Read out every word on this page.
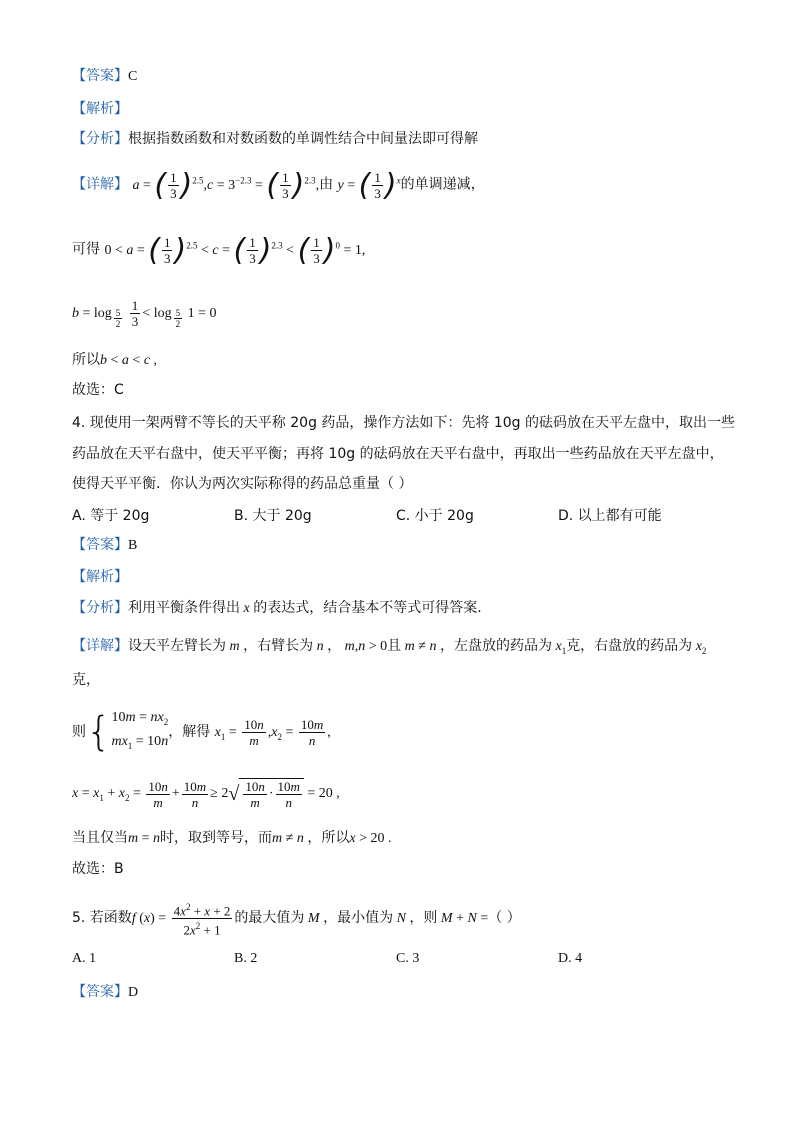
【答案】C
【解析】
【分析】根据指数函数和对数函数的单调性结合中间量法即可得解
【详解】 a = ( $\frac{1}{3} )^{2.5},c = 3^{-2.3}$ = ( $\frac{1}{3} )^{2.3}$,由 y = ( $\frac{1}{3} )^x$的单调递减，
可得 0 < a = ( $\frac{1}{3} )^{2.5} < c$ = ( $\frac{1}{3} )^{2.3}$ < ( $\frac{1}{3} )^0 = 1$,
b = log $_{\frac{5}{2}}$
$\frac{1}{3} < \log _{\frac{5}{2}}$ 1 = 0
所以b < a < c ,
故选：C
4. 现使用一架两臂不等长的天平称 20g 药品，操作方法如下：先将 10g 的砝码放在天平左盘中，取出一些
药品放在天平右盘中，使天平平衡；再将 10g 的砝码放在天平右盘中，再取出一些药品放在天平左盘中，
使得天平平衡．你认为两次实际称得的药品总重量（ ）
A. 等于 20g	B. 大于 20g	C. 小于 20g	D. 以上都有可能
【答案】B
【解析】
【分析】利用平衡条件得出 x 的表达式，结合基本不等式可得答案.
【详解】设天平左臂长为 m ，右臂长为 n ， m,n > 0且 m ≠ n ，左盘放的药品为 $x_1$克，右盘放的药品为 $x_2$
克，
则{ $10m = nx_2$
$mx_1 = 10n$
，解得 $x_1 = \frac{10n}{m} ,x_2 = \frac{10m}{n}$ ,
$x = x_1 + x_2 = \frac{10n}{m} + \frac{10m}{n} \ge 2√ \frac{10n}{m} \cdot \frac{10m}{n} = 20$ ,
当且仅当m = n时，取到等号，而m ≠ n ，所以x > 20 .
故选：B
5. 若函数f $(x) = \frac{4x^2 + x + 2}{2x^2 + 1}$ 的最大值为 M ，最小值为 N ，则 M + N =（ ）
A. 1	B. 2	C. 3	D. 4
【答案】D
